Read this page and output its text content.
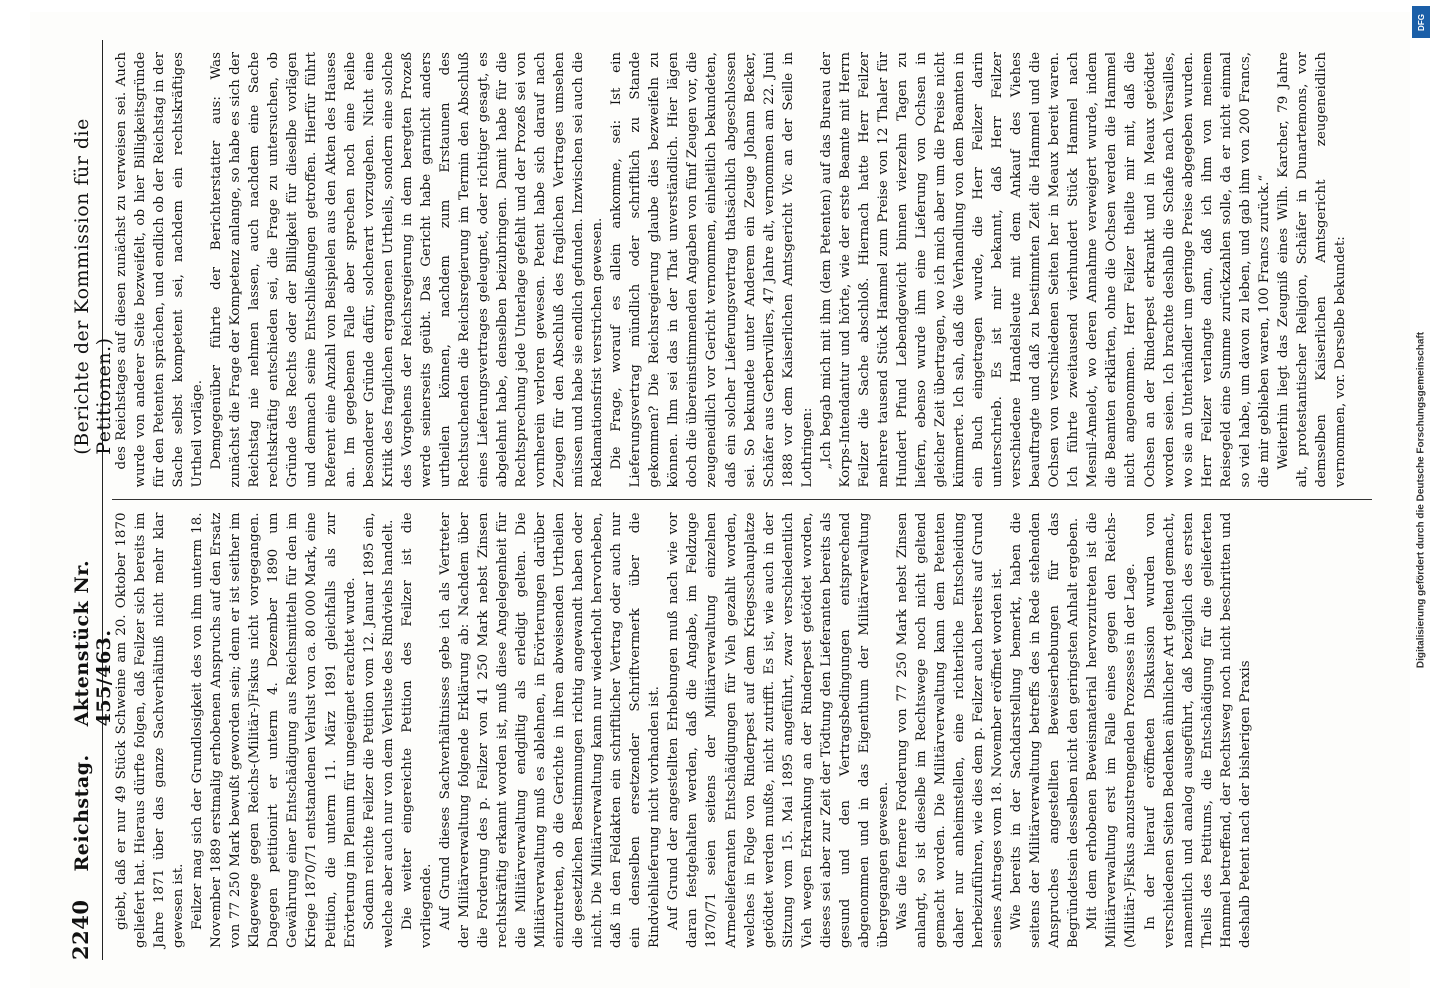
2240
Reichstag.
Aktenstück Nr. 455/463.
(Berichte der Kommission für die Petitionen.)

giebt, daß er nur 49 Stück Schweine am 20. Oktober 1870 geliefert hat. Hieraus dürfte folgen, daß Feilzer sich bereits im Jahre 1871 über das ganze Sachverhältniß nicht mehr klar gewesen ist. Feilzer mag sich der Grundlosigkeit des von ihm unterm 18. November 1889 erstmalig erhobenen Anspruchs auf den Ersatz von 77 250 Mark bewußt geworden sein; denn er ist seither im Klagewege gegen Reichs-(Militär-)Fiskus nicht vorgegangen. Dagegen petitionirt er unterm 4. Dezember 1890 um Gewährung einer Entschädigung aus Reichsmitteln für den im Kriege 1870/71 entstandenen Verlust von ca. 80 000 Mark, eine Petition, die unterm 11. März 1891 gleichfalls als zur Erörterung im Plenum für ungeeignet erachtet wurde. Sodann reichte Feilzer die Petition vom 12. Januar 1895 ein, welche aber auch nur von dem Verluste des Rindviehs handelt. Die weiter eingereichte Petition des Feilzer ist die vorliegende. Auf Grund dieses Sachverhältnisses gebe ich als Vertreter der Militärverwaltung folgende Erklärung ab: Nachdem über die Forderung des p. Feilzer von 41 250 Mark nebst Zinsen rechtskräftig erkannt worden ist, muß diese Angelegenheit für die Militärverwaltung endgiltig als erledigt gelten. Die Militärverwaltung muß es ablehnen, in Erörterungen darüber einzutreten, ob die Gerichte in ihren abweisenden Urtheilen die gesetzlichen Bestimmungen richtig angewandt haben oder nicht. Die Militärverwaltung kann nur wiederholt hervorheben, daß in den Feldakten ein schriftlicher Vertrag oder auch nur ein denselben ersetzender Schriftvermerk über die Rindviehlieferung nicht vorhanden ist. Auf Grund der angestellten Erhebungen muß nach wie vor daran festgehalten werden, daß die Angabe, im Feldzuge 1870/71 seien seitens der Militärverwaltung einzelnen Armeelieferanten Entschädigungen für Vieh gezahlt worden, welches in Folge von Rinderpest auf dem Kriegsschauplatze getödtet werden mußte, nicht zutrifft. Es ist, wie auch in der Sitzung vom 15. Mai 1895 angeführt, zwar verschiedentlich Vieh wegen Erkrankung an der Rinderpest getödtet worden, dieses sei aber zur Zeit der Tödtung den Lieferanten bereits als gesund und den Vertragsbedingungen entsprechend abgenommen und in das Eigenthum der Militärverwaltung übergegangen gewesen. Was die fernere Forderung von 77 250 Mark nebst Zinsen anlangt, so ist dieselbe im Rechtswege noch nicht geltend gemacht worden. Die Militärverwaltung kann dem Petenten daher nur anheimstellen, eine richterliche Entscheidung herbeizuführen, wie dies dem p. Feilzer auch bereits auf Grund seines Antrages vom 18. November eröffnet worden ist. Wie bereits in der Sachdarstellung bemerkt, haben die seitens der Militärverwaltung betreffs des in Rede stehenden Anspruches angestellten Beweiserhebungen für das Begründetsein desselben nicht den geringsten Anhalt ergeben. Mit dem erhobenen Beweismaterial hervorzutreten ist die Militärverwaltung erst im Falle eines gegen den Reichs-(Militär-)Fiskus anzustrengenden Prozesses in der Lage. In der hierauf eröffneten Diskussion wurden von verschiedenen Seiten Bedenken ähnlicher Art geltend gemacht, namentlich und analog ausgeführt, daß bezüglich des ersten Theils des Petitums, die Entschädigung für die gelieferten Hammel betreffend, der Rechtsweg noch nicht beschritten und deshalb Petent nach der bisherigen Praxis

des Reichstages auf diesen zunächst zu verweisen sei. Auch wurde von anderer Seite bezweifelt, ob hier Billigkeitsgründe für den Petenten sprächen, und endlich ob der Reichstag in der Sache selbst kompetent sei, nachdem ein rechtskräftiges Urtheil vorläge. Demgegenüber führte der Berichterstatter aus: Was zunächst die Frage der Kompetenz anlange, so habe es sich der Reichstag nie nehmen lassen, auch nachdem eine Sache rechtskräftig entschieden sei, die Frage zu untersuchen, ob Gründe des Rechts oder der Billigkeit für dieselbe vorlägen und demnach seine Entschließungen getroffen. Hierfür führt Referent eine Anzahl von Beispielen aus den Akten des Hauses an. Im gegebenen Falle aber sprechen noch eine Reihe besonderer Gründe dafür, solcherart vorzugehen. Nicht eine Kritik des fraglichen ergangenen Urtheils, sondern eine solche des Vorgehens der Reichsregierung in dem beregten Prozeß werde seinerseits geübt. Das Gericht habe garnicht anders urtheilen können, nachdem zum Erstaunen des Rechtsuchenden die Reichsregierung im Termin den Abschluß eines Lieferungsvertrages geleugnet, oder richtiger gesagt, es abgelehnt habe, denselben beizubringen. Damit habe für die Rechtsprechung jede Unterlage gefehlt und der Prozeß sei von vornherein verloren gewesen. Petent habe sich darauf nach Zeugen für den Abschluß des fraglichen Vertrages umsehen müssen und habe sie endlich gefunden. Inzwischen sei auch die Reklamationsfrist verstrichen gewesen. Die Frage, worauf es allein ankomme, sei: Ist ein Lieferungsvertrag mündlich oder schriftlich zu Stande gekommen? Die Reichsregierung glaube dies bezweifeln zu können. Ihm sei das in der That unverständlich. Hier lägen doch die übereinstimmenden Angaben von fünf Zeugen vor, die zeugeneidlich vor Gericht vernommen, einheitlich bekundeten, daß ein solcher Lieferungsvertrag thatsächlich abgeschlossen sei. So bekundete unter Anderem ein Zeuge Johann Becker, Schäfer aus Gerbervillers, 47 Jahre alt, vernommen am 22. Juni 1888 vor dem Kaiserlichen Amtsgericht Vic an der Seille in Lothringen: „Ich begab mich mit ihm (dem Petenten) auf das Bureau der Korps-Intendantur und hörte, wie der erste Beamte mit Herrn Feilzer die Sache abschloß. Hiernach hatte Herr Feilzer mehrere tausend Stück Hammel zum Preise von 12 Thaler für Hundert Pfund Lebendgewicht binnen vierzehn Tagen zu liefern, ebenso wurde ihm eine Lieferung von Ochsen in gleicher Zeit übertragen, wo ich mich aber um die Preise nicht kümmerte. Ich sah, daß die Verhandlung von dem Beamten in ein Buch eingetragen wurde, die Herr Feilzer darin unterschrieb. Es ist mir bekannt, daß Herr Feilzer verschiedene Handelsleute mit dem Ankauf des Viehes beauftragte und daß zu bestimmten Zeit die Hammel und die Ochsen von verschiedenen Seiten her in Meaux bereit waren. Ich führte zweitausend vierhundert Stück Hammel nach Mesnil-Amelot, wo deren Annahme verweigert wurde, indem die Beamten erklärten, ohne die Ochsen werden die Hammel nicht angenommen. Herr Feilzer theilte mir mit, daß die Ochsen an der Rinderpest erkrankt und in Meaux getödtet worden seien. Ich brachte deshalb die Schafe nach Versailles, wo sie an Unterhändler um geringe Preise abgegeben wurden. Herr Feilzer verlangte dann, daß ich ihm von meinem Reisegeld eine Summe zurückzahlen solle, da er nicht einmal so viel habe, um davon zu leben, und gab ihm von 200 Francs, die mir geblieben waren, 100 Francs zurück.“ Weiterhin liegt das Zeugniß eines Wilh. Karcher, 79 Jahre alt, protestantischer Religion, Schäfer in Dunartemons, vor demselben Kaiserlichen Amtsgericht zeugeneidlich vernommen, vor. Derselbe bekundet:	Digitalisierung gefördert durch die Deutsche Forschungsgemeinschaft
DFG
